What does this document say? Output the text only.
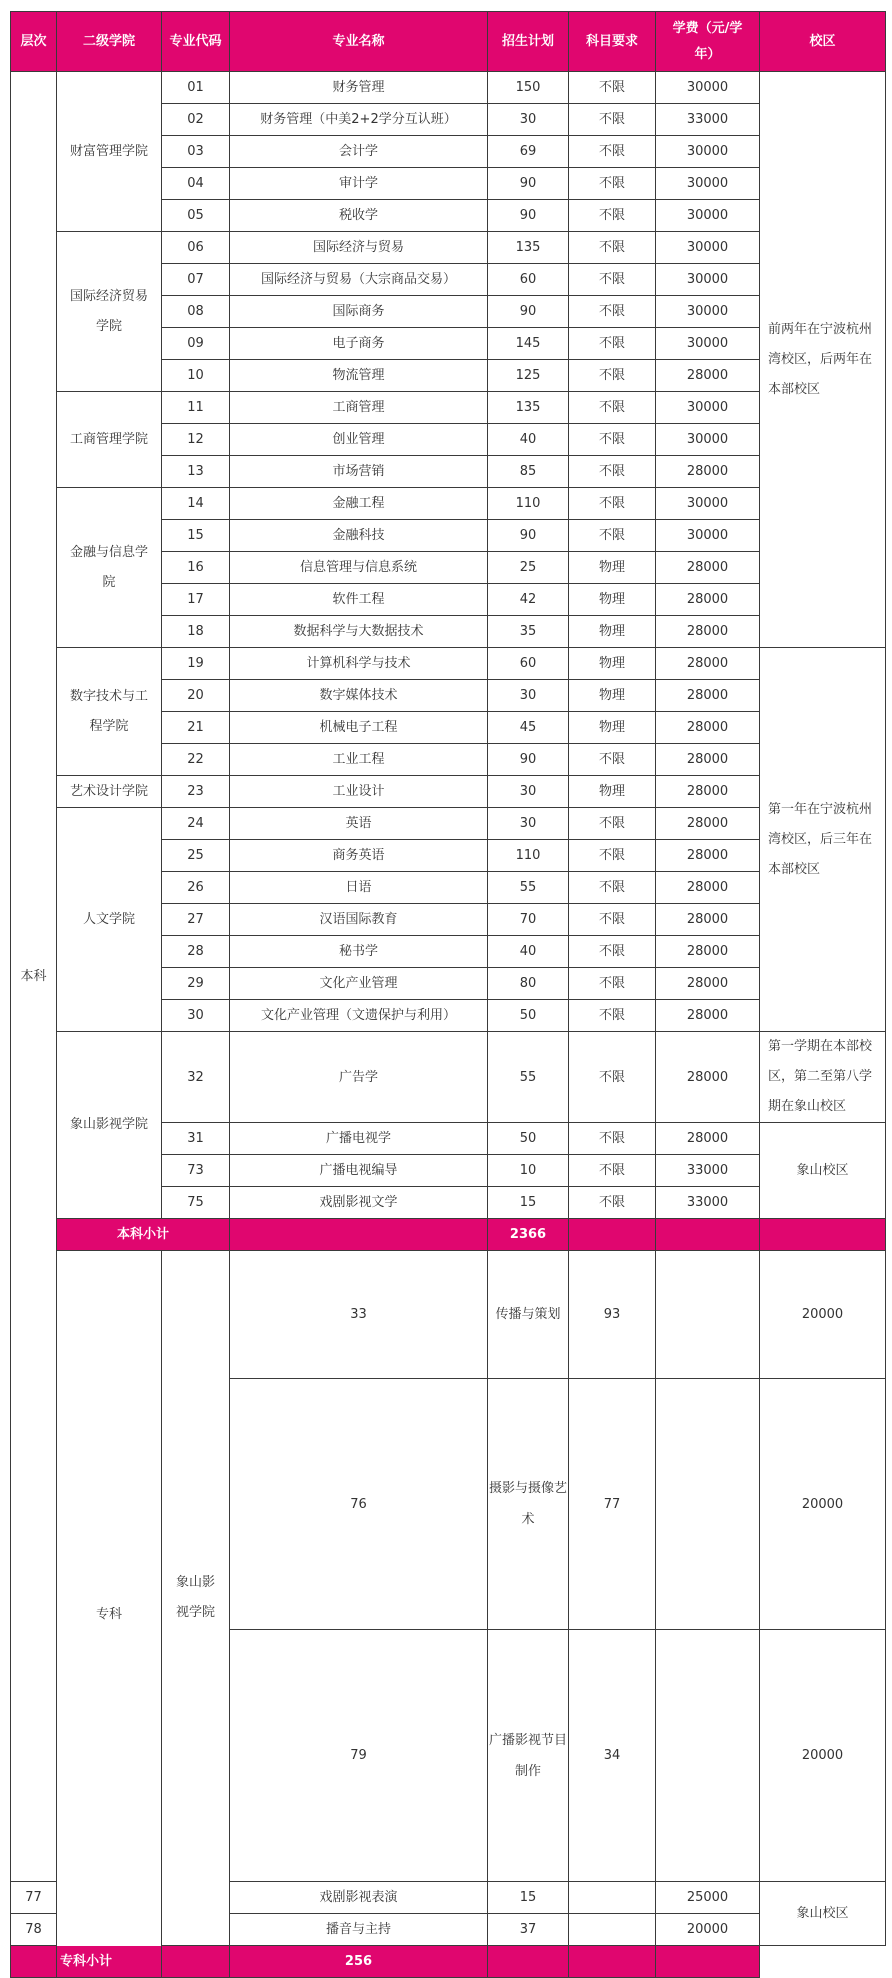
层次	二级学院	专业代码	专业名称	招生计划	科目要求	学费（元/学年）	校区	
本科	财富管理学院	01	财务管理	150	不限	30000	前两年在宁波杭州湾校区，后两年在本部校区	
		02	财务管理（中美2+2学分互认班）	30	不限	33000		
		03	会计学	69	不限	30000		
		04	审计学	90	不限	30000		
		05	税收学	90	不限	30000		
	国际经济贸易学院	06	国际经济与贸易	135	不限	30000		
		07	国际经济与贸易（大宗商品交易）	60	不限	30000		
		08	国际商务	90	不限	30000		
		09	电子商务	145	不限	30000		
		10	物流管理	125	不限	28000		
	工商管理学院	11	工商管理	135	不限	30000		
		12	创业管理	40	不限	30000		
		13	市场营销	85	不限	28000		
	金融与信息学院	14	金融工程	110	不限	30000		
		15	金融科技	90	不限	30000		
		16	信息管理与信息系统	25	物理	28000		
		17	软件工程	42	物理	28000		
		18	数据科学与大数据技术	35	物理	28000		
	数字技术与工程学院	19	计算机科学与技术	60	物理	28000	第一年在宁波杭州湾校区，后三年在本部校区	
		20	数字媒体技术	30	物理	28000		
		21	机械电子工程	45	物理	28000		
		22	工业工程	90	不限	28000		
	艺术设计学院	23	工业设计	30	物理	28000		
	人文学院	24	英语	30	不限	28000		
		25	商务英语	110	不限	28000		
		26	日语	55	不限	28000		
		27	汉语国际教育	70	不限	28000		
		28	秘书学	40	不限	28000		
		29	文化产业管理	80	不限	28000		
		30	文化产业管理（文遗保护与利用）	50	不限	28000		
	象山影视学院	32	广告学	55	不限	28000	第一学期在本部校区，第二至第八学期在象山校区	
		31	广播电视学	50	不限	28000	象山校区	
		73	广播电视编导	10	不限	33000		
		75	戏剧影视文学	15	不限	33000		
	本科小计			2366				
	专科	象山影视学院	33	传播与策划	93		20000	
			76	摄影与摄像艺术	77		20000	
			79	广播影视节目制作	34		20000	
77			戏剧影视表演	15		25000	象山校区	
78			播音与主持	37		20000		
专科小计			256					
